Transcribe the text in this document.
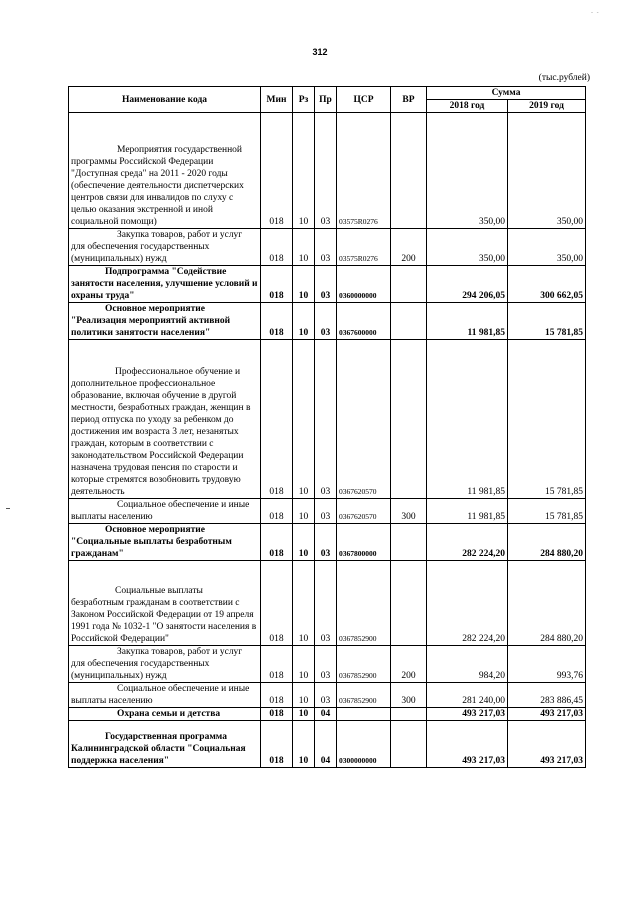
- -
312
(тыс.рублей)
Наименование кода	Мин	Рз	Пр	ЦСР	ВР	Сумма	
						2018 год	2019 год
Мероприятия государственной программы Российской Федерации "Доступная среда" на 2011 - 2020 годы (обеспечение деятельности диспетчерских центров связи для инвалидов по слуху с целью оказания экстренной и иной социальной помощи)	018	10	03	03575R0276		350,00	350,00
Закупка товаров, работ и услуг для обеспечения государственных (муниципальных) нужд	018	10	03	03575R0276	200	350,00	350,00
Подпрограмма "Содействие занятости населения, улучшение условий и охраны труда"	018	10	03	0360000000		294 206,05	300 662,05
Основное мероприятие "Реализация мероприятий активной политики занятости населения"	018	10	03	0367600000		11 981,85	15 781,85
Профессиональное обучение и дополнительное профессиональное образование, включая обучение в другой местности, безработных граждан, женщин в период отпуска по уходу за ребенком до достижения им возраста 3 лет, незанятых граждан, которым в соответствии с законодательством Российской Федерации назначена трудовая пенсия по старости и которые стремятся возобновить трудовую деятельность	018	10	03	0367620570		11 981,85	15 781,85
Социальное обеспечение и иные выплаты населению	018	10	03	0367620570	300	11 981,85	15 781,85
Основное мероприятие "Социальные выплаты безработным гражданам"	018	10	03	0367800000		282 224,20	284 880,20
Социальные выплаты безработным гражданам в соответствии с Законом Российской Федерации от 19 апреля 1991 года № 1032-1 "О занятости населения в Российской Федерации"	018	10	03	0367852900		282 224,20	284 880,20
Закупка товаров, работ и услуг для обеспечения государственных (муниципальных) нужд	018	10	03	0367852900	200	984,20	993,76
Социальное обеспечение и иные выплаты населению	018	10	03	0367852900	300	281 240,00	283 886,45
Охрана семьи и детства	018	10	04			493 217,03	493 217,03
Государственная программа Калининградской области "Социальная поддержка населения"	018	10	04	0300000000		493 217,03	493 217,03
